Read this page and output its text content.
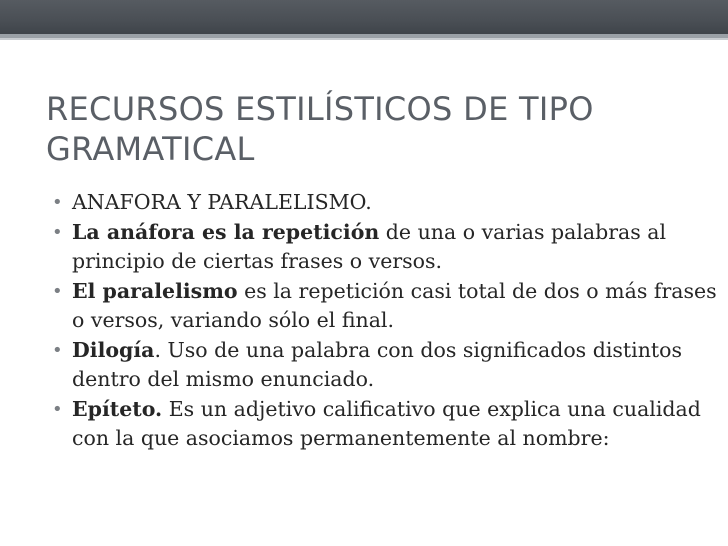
RECURSOS ESTILÍSTICOS DE TIPO GRAMATICAL
• ANAFORA Y PARALELISMO.
• La anáfora es la repetición de una o varias palabras al principio de ciertas frases o versos.
• El paralelismo es la repetición casi total de dos o más frases o versos, variando sólo el final.
• Dilogía. Uso de una palabra con dos significados distintos dentro del mismo enunciado.
• Epíteto. Es un adjetivo calificativo que explica una cualidad con la que asociamos permanentemente al nombre:
